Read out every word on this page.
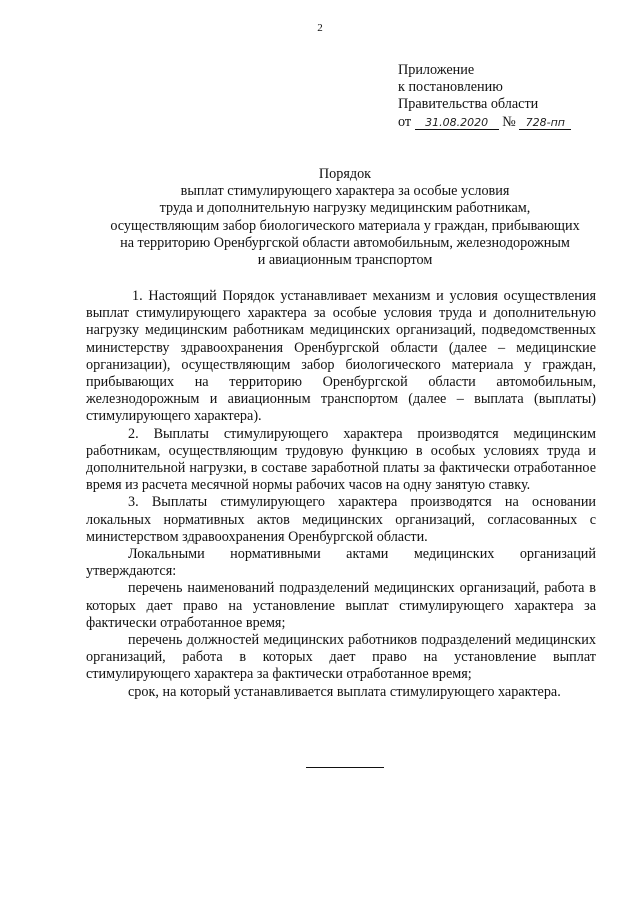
2
Приложение
к постановлению
Правительства области
от 31.08.2020 № 728-пп
Порядок
выплат стимулирующего характера за особые условия
труда и дополнительную нагрузку медицинским работникам,
осуществляющим забор биологического материала у граждан, прибывающих
на территорию Оренбургской области автомобильным, железнодорожным
и авиационным транспортом

1. Настоящий Порядок устанавливает механизм и условия осуществления выплат стимулирующего характера за особые условия труда и дополнительную нагрузку медицинским работникам медицинских организаций, подведомственных министерству здравоохранения Оренбургской области (далее – медицинские организации), осуществляющим забор биологического материала у граждан, прибывающих на территорию Оренбургской области автомобильным, железнодорожным и авиационным транспортом (далее – выплата (выплаты) стимулирующего характера).

2. Выплаты стимулирующего характера производятся медицинским работникам, осуществляющим трудовую функцию в особых условиях труда и дополнительной нагрузки, в составе заработной платы за фактически отработанное время из расчета месячной нормы рабочих часов на одну занятую ставку.

3. Выплаты стимулирующего характера производятся на основании локальных нормативных актов медицинских организаций, согласованных с министерством здравоохранения Оренбургской области.

Локальными нормативными актами медицинских организаций утверждаются:

перечень наименований подразделений медицинских организаций, работа в которых дает право на установление выплат стимулирующего характера за фактически отработанное время;

перечень должностей медицинских работников подразделений медицинских организаций, работа в которых дает право на установление выплат стимулирующего характера за фактически отработанное время;

срок, на который устанавливается выплата стимулирующего характера.
